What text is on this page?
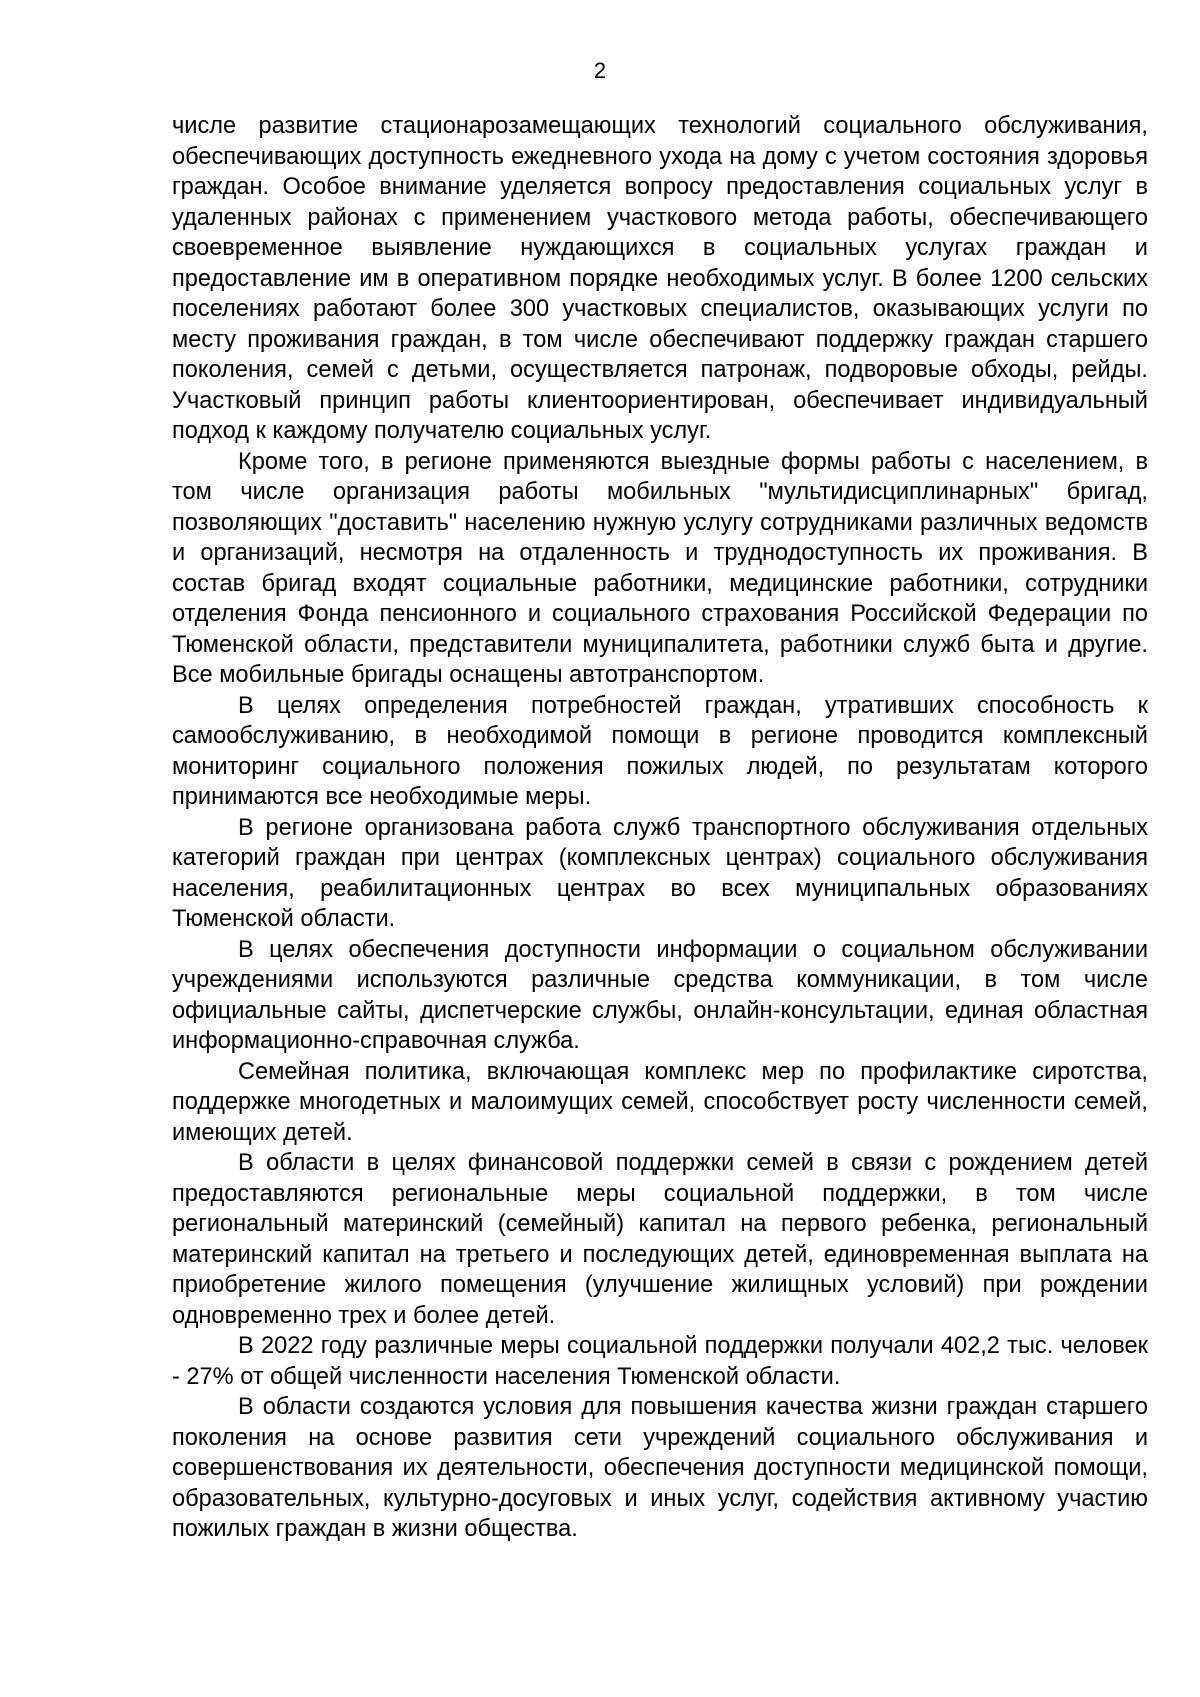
2

числе развитие стационарозамещающих технологий социального обслуживания, обеспечивающих доступность ежедневного ухода на дому с учетом состояния здоровья граждан. Особое внимание уделяется вопросу предоставления социальных услуг в удаленных районах с применением участкового метода работы, обеспечивающего своевременное выявление нуждающихся в социальных услугах граждан и предоставление им в оперативном порядке необходимых услуг. В более 1200 сельских поселениях работают более 300 участковых специалистов, оказывающих услуги по месту проживания граждан, в том числе обеспечивают поддержку граждан старшего поколения, семей с детьми, осуществляется патронаж, подворовые обходы, рейды. Участковый принцип работы клиентоориентирован, обеспечивает индивидуальный подход к каждому получателю социальных услуг.

Кроме того, в регионе применяются выездные формы работы с населением, в том числе организация работы мобильных "мультидисциплинарных" бригад, позволяющих "доставить" населению нужную услугу сотрудниками различных ведомств и организаций, несмотря на отдаленность и труднодоступность их проживания. В состав бригад входят социальные работники, медицинские работники, сотрудники отделения Фонда пенсионного и социального страхования Российской Федерации по Тюменской области, представители муниципалитета, работники служб быта и другие. Все мобильные бригады оснащены автотранспортом.

В целях определения потребностей граждан, утративших способность к самообслуживанию, в необходимой помощи в регионе проводится комплексный мониторинг социального положения пожилых людей, по результатам которого принимаются все необходимые меры.

В регионе организована работа служб транспортного обслуживания отдельных категорий граждан при центрах (комплексных центрах) социального обслуживания населения, реабилитационных центрах во всех муниципальных образованиях Тюменской области.

В целях обеспечения доступности информации о социальном обслуживании учреждениями используются различные средства коммуникации, в том числе официальные сайты, диспетчерские службы, онлайн-консультации, единая областная информационно-справочная служба.

Семейная политика, включающая комплекс мер по профилактике сиротства, поддержке многодетных и малоимущих семей, способствует росту численности семей, имеющих детей.

В области в целях финансовой поддержки семей в связи с рождением детей предоставляются региональные меры социальной поддержки, в том числе региональный материнский (семейный) капитал на первого ребенка, региональный материнский капитал на третьего и последующих детей, единовременная выплата на приобретение жилого помещения (улучшение жилищных условий) при рождении одновременно трех и более детей.

В 2022 году различные меры социальной поддержки получали 402,2 тыс. человек - 27% от общей численности населения Тюменской области.

В области создаются условия для повышения качества жизни граждан старшего поколения на основе развития сети учреждений социального обслуживания и совершенствования их деятельности, обеспечения доступности медицинской помощи, образовательных, культурно-досуговых и иных услуг, содействия активному участию пожилых граждан в жизни общества.
